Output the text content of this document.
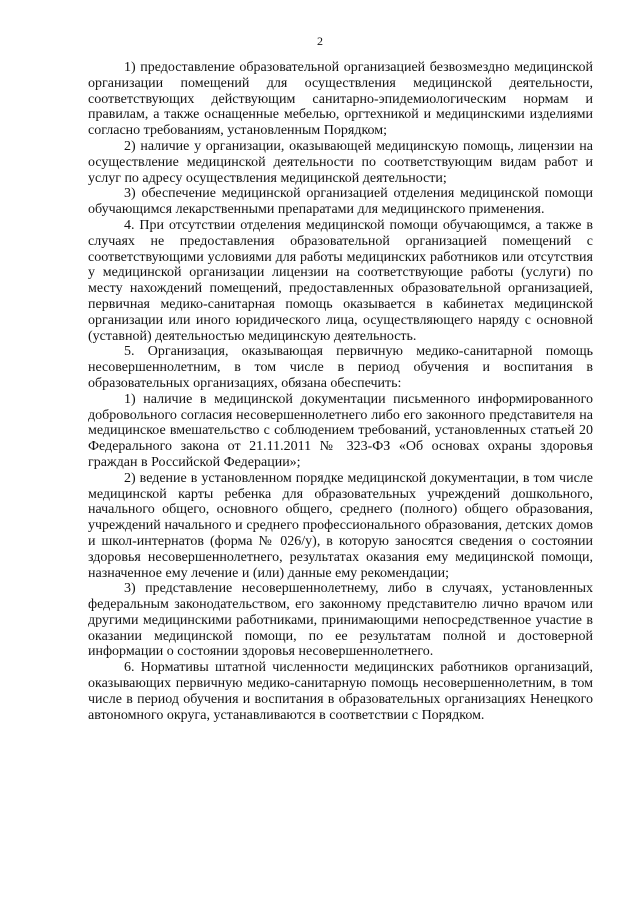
2

1) предоставление образовательной организацией безвозмездно медицинской организации помещений для осуществления медицинской деятельности, соответствующих действующим санитарно-эпидемиологическим нормам и правилам, а также оснащенные мебелью, оргтехникой и медицинскими изделиями согласно требованиям, установленным Порядком;

2) наличие у организации, оказывающей медицинскую помощь, лицензии на осуществление медицинской деятельности по соответствующим видам работ и услуг по адресу осуществления медицинской деятельности;

3) обеспечение медицинской организацией отделения медицинской помощи обучающимся лекарственными препаратами для медицинского применения.

4. При отсутствии отделения медицинской помощи обучающимся, а также в случаях не предоставления образовательной организацией помещений с соответствующими условиями для работы медицинских работников или отсутствия у медицинской организации лицензии на соответствующие работы (услуги) по месту нахождений помещений, предоставленных образовательной организацией, первичная медико-санитарная помощь оказывается в кабинетах медицинской организации или иного юридического лица, осуществляющего наряду с основной (уставной) деятельностью медицинскую деятельность.

5. Организация, оказывающая первичную медико-санитарной помощь несовершеннолетним, в том числе в период обучения и воспитания в образовательных организациях, обязана обеспечить:

1) наличие в медицинской документации письменного информированного добровольного согласия несовершеннолетнего либо его законного представителя на медицинское вмешательство с соблюдением требований, установленных статьей 20 Федерального закона от 21.11.2011 № 323-ФЗ «Об основах охраны здоровья граждан в Российской Федерации»;

2) ведение в установленном порядке медицинской документации, в том числе медицинской карты ребенка для образовательных учреждений дошкольного, начального общего, основного общего, среднего (полного) общего образования, учреждений начального и среднего профессионального образования, детских домов и школ-интернатов (форма № 026/у), в которую заносятся сведения о состоянии здоровья несовершеннолетнего, результатах оказания ему медицинской помощи, назначенное ему лечение и (или) данные ему рекомендации;

3) представление несовершеннолетнему, либо в случаях, установленных федеральным законодательством, его законному представителю лично врачом или другими медицинскими работниками, принимающими непосредственное участие в оказании медицинской помощи, по ее результатам полной и достоверной информации о состоянии здоровья несовершеннолетнего.

6. Нормативы штатной численности медицинских работников организаций, оказывающих первичную медико-санитарную помощь несовершеннолетним, в том числе в период обучения и воспитания в образовательных организациях Ненецкого автономного округа, устанавливаются в соответствии с Порядком.
